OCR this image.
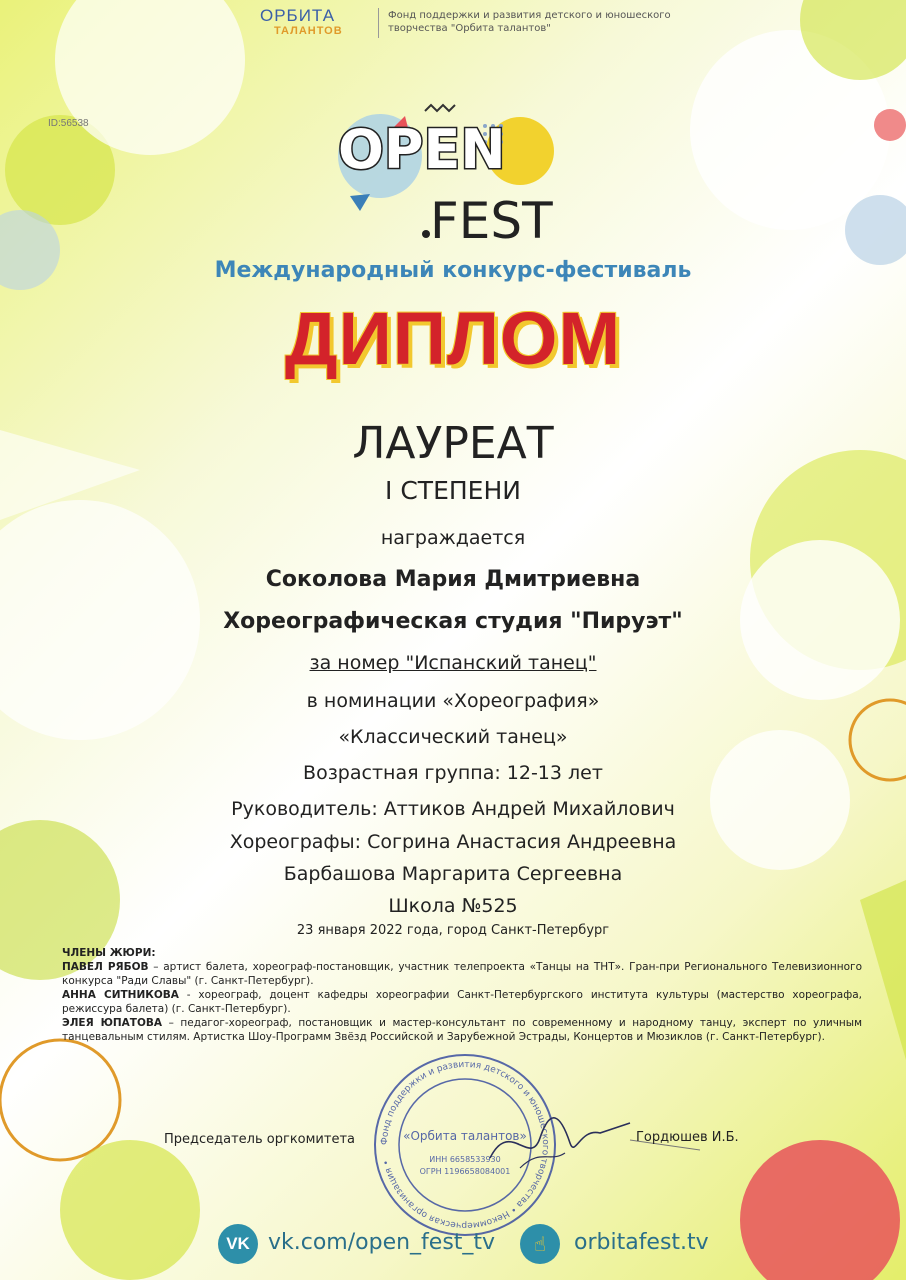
ОРБИТА
ТАЛАНТОВ
Фонд поддержки и развития детского и юношеского творчества "Орбита талантов"
ID:56538	OPEN
FEST
Международный конкурс-фестиваль
ДИПЛОМ
ЛАУРЕАТ
I СТЕПЕНИ
награждается
Соколова Мария Дмитриевна
Хореографическая студия "Пируэт"
за номер "Испанский танец"
в номинации «Хореография»
«Классический танец»
Возрастная группа: 12-13 лет
Руководитель: Аттиков Андрей Михайлович
Хореографы: Согрина Анастасия Андреевна
Барбашова Маргарита Сергеевна
Школа №525
23 января 2022 года, город Санкт-Петербург
ЧЛЕНЫ ЖЮРИ:
ПАВЕЛ РЯБОВ – артист балета, хореограф-постановщик, участник телепроекта «Танцы на ТНТ». Гран-при Регионального Телевизионного конкурса "Ради Славы" (г. Санкт-Петербург).
АННА СИТНИКОВА - хореограф, доцент кафедры хореографии Санкт-Петербургского института культуры (мастерство хореографа, режиссура балета) (г. Санкт-Петербург).
ЭЛЕЯ ЮПАТОВА – педагог-хореограф, постановщик и мастер-консультант по современному и народному танцу, эксперт по уличным танцевальным стилям. Артистка Шоу-Программ Звёзд Российской и Зарубежной Эстрады, Концертов и Мюзиклов (г. Санкт-Петербург).
Председатель оргкомитета	Гордюшев И.Б.
Фонд поддержки и развития детского и юношеского творчества • Некоммерческая организация •
«Орбита талантов»
ИНН 6658533930
ОГРН 1196658084001
VK vk.com/open_fest_tv	☝	orbitafest.tv
